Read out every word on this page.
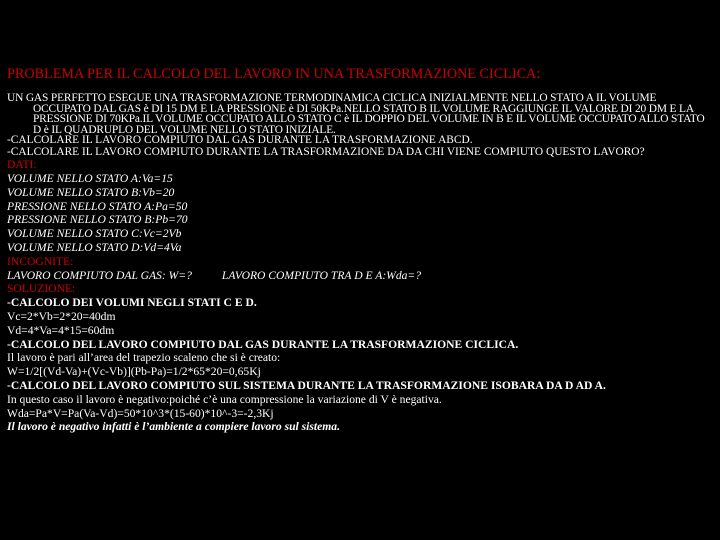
PROBLEMA PER IL CALCOLO DEL LAVORO IN UNA TRASFORMAZIONE CICLICA:
UN GAS PERFETTO ESEGUE UNA TRASFORMAZIONE TERMODINAMICA CICLICA INIZIALMENTE NELLO STATO A IL VOLUME OCCUPATO DAL GAS è DI 15 DM E LA PRESSIONE è DI 50KPa.NELLO STATO B IL VOLUME RAGGIUNGE IL VALORE DI 20 DM E LA PRESSIONE DI 70KPa.IL VOLUME OCCUPATO ALLO STATO C è IL DOPPIO DEL VOLUME IN B E IL VOLUME OCCUPATO ALLO STATO D è IL QUADRUPLO DEL VOLUME NELLO STATO INIZIALE.
-CALCOLARE IL LAVORO COMPIUTO DAL GAS DURANTE LA TRASFORMAZIONE ABCD.
-CALCOLARE IL LAVORO COMPIUTO DURANTE LA TRASFORMAZIONE DA DA CHI VIENE COMPIUTO QUESTO LAVORO?
DATI:
VOLUME NELLO STATO A:Va=15
VOLUME NELLO STATO B:Vb=20
PRESSIONE NELLO STATO A:Pa=50
PRESSIONE NELLO STATO B:Pb=70
VOLUME NELLO STATO C:Vc=2Vb
VOLUME NELLO STATO D:Vd=4Va
INCOGNITE:
LAVORO COMPIUTO DAL GAS: W=?	LAVORO COMPIUTO TRA D E A:Wda=?
SOLUZIONE:
-CALCOLO DEI VOLUMI NEGLI STATI C E D.
Vc=2*Vb=2*20=40dm
Vd=4*Va=4*15=60dm
-CALCOLO DEL LAVORO COMPIUTO DAL GAS DURANTE LA TRASFORMAZIONE CICLICA.
Il lavoro è pari all’area del trapezio scaleno che si è creato:
W=1/2[(Vd-Va)+(Vc-Vb)](Pb-Pa)=1/2*65*20=0,65Kj
-CALCOLO DEL LAVORO COMPIUTO SUL SISTEMA DURANTE LA TRASFORMAZIONE ISOBARA DA D AD A.
In questo caso il lavoro è negativo:poiché c’è una compressione la variazione di V è negativa.
Wda=Pa*V=Pa(Va-Vd)=50*10^3*(15-60)*10^-3=-2,3Kj
Il lavoro è negativo infatti è l’ambiente a compiere lavoro sul sistema.
